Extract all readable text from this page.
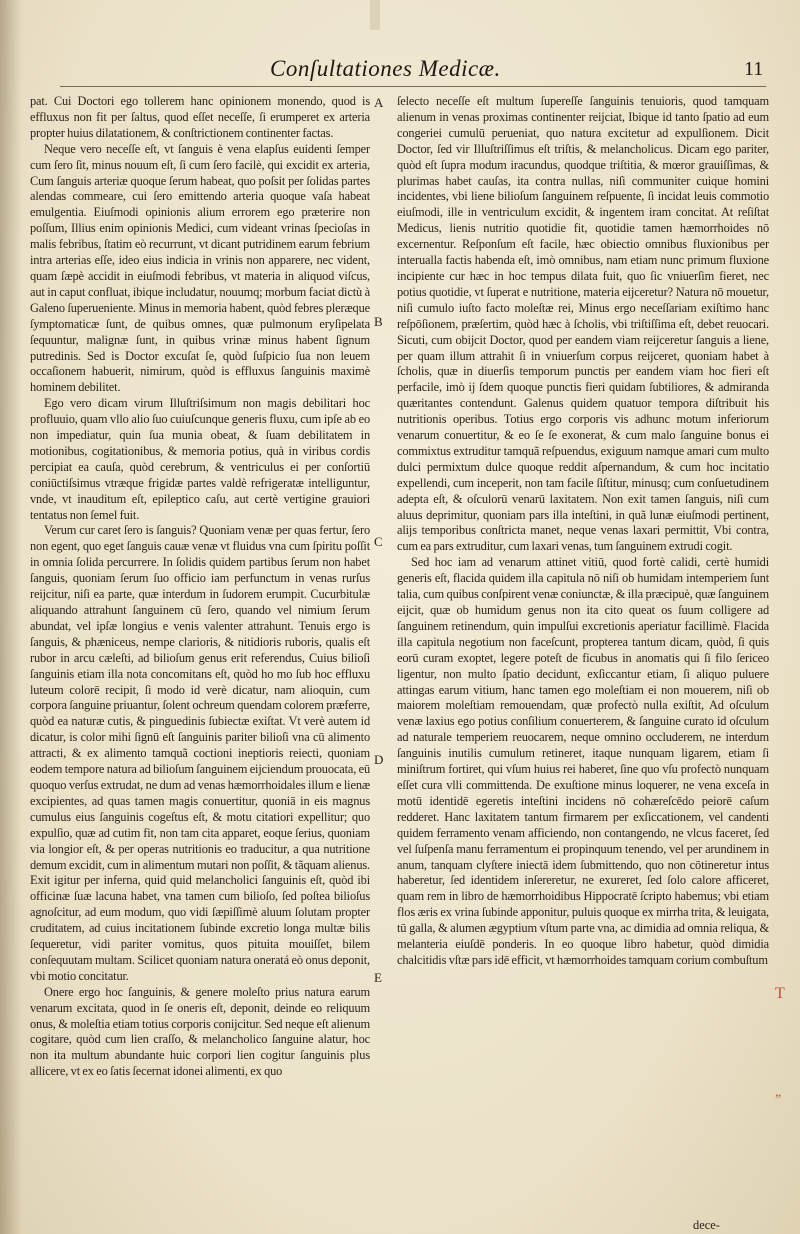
Conſultationes Medicæ.	11

pat. Cui Doctori ego tollerem hanc opinionem monendo, quod is effluxus non fit per ſaltus, quod eſſet neceſſe, ſi erumperet ex arteria propter huius dilatationem, & conſtrictionem continenter factas.

Neque vero neceſſe eſt, vt ſanguis è vena elapſus euidenti ſemper cum ſero ſit, minus nouum eſt, ſi cum ſero facilè, qui excidit ex arteria, Cum ſanguis arteriæ quoque ſerum habeat, quo poſsit per ſolidas partes alendas commeare, cui ſero emittendo arteria quoque vaſa habeat emulgentia. Eiuſmodi opinionis alium errorem ego præterire non poſſum, Illius enim opinionis Medici, cum videant vrinas ſpecioſas in malis febribus, ſtatim eò recurrunt, vt dicant putridinem earum febrium intra arterias eſſe, ideo eius indicia in vrinis non apparere, nec vident, quam ſæpè accidit in eiuſmodi febribus, vt materia in aliquod viſcus, aut in caput confluat, ibique includatur, nouumq; morbum faciat dictù à Galeno ſuperueniente. Minus in memoria habent, quòd febres pleræque ſymptomaticæ ſunt, de quibus omnes, quæ pulmonum eryſipelata ſequuntur, malignæ ſunt, in quibus vrinæ minus habent ſignum putredinis. Sed is Doctor excuſat ſe, quòd ſuſpicio ſua non leuem occaſionem habuerit, nimirum, quòd is effluxus ſanguinis maximè hominem debilitet.

Ego vero dicam virum Illuſtriſsimum non magis debilitari hoc profluuio, quam vllo alio ſuo cuiuſcunque generis fluxu, cum ipſe ab eo non impediatur, quin ſua munia obeat, & ſuam debilitatem in motionibus, cogitationibus, & memoria potius, quà in viribus cordis percipiat ea cauſa, quòd cerebrum, & ventriculus ei per conſortiū coniūctiſsimus vtræque frigidæ partes valdè refrigeratæ intelliguntur, vnde, vt inauditum eſt, epileptico caſu, aut certè vertigine grauiori tentatus non ſemel fuit.

Verum cur caret ſero is ſanguis? Quoniam venæ per quas fertur, ſero non egent, quo eget ſanguis cauæ venæ vt fluidus vna cum ſpiritu poſſit in omnia ſolida percurrere. In ſolidis quidem partibus ſerum non habet ſanguis, quoniam ſerum ſuo officio iam perfunctum in venas rurſus reijcitur, niſi ea parte, quæ interdum in ſudorem erumpit. Cucurbitulæ aliquando attrahunt ſanguinem cū ſero, quando vel nimium ſerum abundat, vel ipſæ longius e venis valenter attrahunt. Tenuis ergo is ſanguis, & phæniceus, nempe clarioris, & nitidioris ruboris, qualis eſt rubor in arcu cæleſti, ad bilioſum genus erit referendus, Cuius bilioſi ſanguinis etiam illa nota concomitans eſt, quòd ho mo ſub hoc effluxu luteum colorē recipit, ſi modo id verè dicatur, nam alioquin, cum corpora ſanguine priuantur, ſolent ochreum quendam colorem præferre, quòd ea naturæ cutis, & pinguedinis ſubiectæ exiſtat. Vt verè autem id dicatur, is color mihi ſignū eſt ſanguinis pariter bilioſi vna cū alimento attracti, & ex alimento tamquã coctioni ineptioris reiecti, quoniam eodem tempore natura ad bilioſum ſanguinem eijciendum prouocata, eū quoquo verſus extrudat, ne dum ad venas hæmorrhoidales illum e lienæ excipientes, ad quas tamen magis conuertitur, quoniā in eis magnus cumulus eius ſanguinis cogeſtus eſt, & motu citatiori expellitur; quo expulſio, quæ ad cutim fit, non tam cita apparet, eoque ſerius, quoniam via longior eſt, & per operas nutritionis eo traducitur, a qua nutritione demum excidit, cum in alimentum mutari non poſſit, & tãquam alienus. Exit igitur per inferna, quid quid melancholici ſanguinis eſt, quòd ibi officinæ ſuæ lacuna habet, vna tamen cum bilioſo, ſed poſtea bilioſus agnoſcitur, ad eum modum, quo vidi ſæpiſſimè aluum ſolutam propter cruditatem, ad cuius incitationem ſubinde excretio longa multæ bilis ſequeretur, vidi pariter vomitus, quos pituita mouiſſet, bilem conſequutam multam. Scilicet quoniam natura oneratá eò onus deponit, vbi motio concitatur.

Onere ergo hoc ſanguinis, & genere moleſto prius natura earum venarum excitata, quod in ſe oneris eſt, deponit, deinde eo reliquum onus, & moleſtia etiam totius corporis conijcitur. Sed neque eſt alienum cogitare, quòd cum lien craſſo, & melancholico ſanguine alatur, hoc non ita multum abundante huic corpori lien cogitur ſanguinis plus allicere, vt ex eo ſatis ſecernat idonei alimenti, ex quo

A
B
C
D
E

ſelecto neceſſe eſt multum ſupereſſe ſanguinis tenuioris, quod tamquam alienum in venas proximas continenter reijciat, Ibique id tanto ſpatio ad eum congeriei cumulū perueniat, quo natura excitetur ad expulſionem. Dicit Doctor, ſed vir Illuſtriſſimus eſt triſtis, & melancholicus. Dicam ego pariter, quòd eſt ſupra modum iracundus, quodque triſtitia, & mœror grauiſſimas, & plurimas habet cauſas, ita contra nullas, niſi communiter cuique homini incidentes, vbi liene bilioſum ſanguinem reſpuente, ſi incidat leuis commotio eiuſmodi, ille in ventriculum excidit, & ingentem iram concitat. At reſiſtat Medicus, lienis nutritio quotidie fit, quotidie tamen hæmorrhoides nō excernentur. Reſponſum eſt facile, hæc obiectio omnibus fluxionibus per interualla factis habenda eſt, imò omnibus, nam etiam nunc primum fluxione incipiente cur hæc in hoc tempus dilata fuit, quo ſic vniuerſim fieret, nec potius quotidie, vt ſuperat e nutritione, materia eijceretur? Natura nō mouetur, niſi cumulo iuſto facto moleſtæ rei, Minus ergo neceſſariam exiſtimo hanc reſpōſionem, præſertim, quòd hæc à ſcholis, vbi triſtiſſima eſt, debet reuocari. Sicuti, cum obijcit Doctor, quod per eandem viam reijceretur ſanguis a liene, per quam illum attrahit ſi in vniuerſum corpus reijceret, quoniam habet à ſcholis, quæ in diuerſis temporum punctis per eandem viam hoc fieri eſt perfacile, imò ij ſdem quoque punctis fieri quidam ſubtiliores, & admiranda quæritantes contendunt. Galenus quidem quatuor tempora diſtribuit his nutritionis operibus. Totius ergo corporis vis adhunc motum inferiorum venarum conuertitur, & eo ſe ſe exonerat, & cum malo ſanguine bonus ei commixtus extruditur tamquã reſpuendus, exiguum namque amari cum multo dulci permixtum dulce quoque reddit aſpernandum, & cum hoc incitatio expellendi, cum inceperit, non tam facile ſiſtitur, minusq; cum conſuetudinem adepta eſt, & oſculorū venarū laxitatem. Non exit tamen ſanguis, niſi cum aluus deprimitur, quoniam pars illa inteſtini, in quã lunæ eiuſmodi pertinent, alijs temporibus conſtricta manet, neque venas laxari permittit, Vbi contra, cum ea pars extruditur, cum laxari venas, tum ſanguinem extrudi cogit.

Sed hoc iam ad venarum attinet vitiū, quod fortè calidi, certè humidi generis eſt, flacida quidem illa capitula nō niſi ob humidam intemperiem ſunt talia, cum quibus conſpirent venæ coniunctæ, & illa præcipuè, quæ ſanguinem eijcit, quæ ob humidum genus non ita cito queat os ſuum colligere ad ſanguinem retinendum, quin impulſui excretionis aperiatur facillimè. Flacida illa capitula negotium non faceſcunt, propterea tantum dicam, quòd, ſi quis eorū curam exoptet, legere poteſt de ficubus in anomatis qui ſi filo ſericeo ligentur, non multo ſpatio decidunt, exſiccantur etiam, ſi aliquo puluere attingas earum vitium, hanc tamen ego moleſtiam ei non mouerem, niſi ob maiorem moleſtiam remouendam, quæ profectò nulla exiſtit, Ad oſculum venæ laxius ego potius conſilium conuerterem, & ſanguine curato id oſculum ad naturale temperiem reuocarem, neque omnino occluderem, ne interdum ſanguinis inutilis cumulum retineret, itaque nunquam ligarem, etiam ſi miniſtrum fortiret, qui vſum huius rei haberet, ſine quo vſu profectò nunquam eſſet cura vlli committenda. De exuſtione minus loquerer, ne vena exceſa in motū identidē egeretis inteſtini incidens nō cohæreſcēdo peiorē caſum redderet. Hanc laxitatem tantum firmarem per exſiccationem, vel candenti quidem ferramento venam afficiendo, non contangendo, ne vlcus faceret, ſed vel ſuſpenſa manu ferramentum ei propinquum tenendo, vel per arundinem in anum, tanquam clyſtere iniectā idem ſubmittendo, quo non cōtineretur intus haberetur, ſed identidem inſereretur, ne exureret, ſed ſolo calore afficeret, quam rem in libro de hæmorrhoidibus Hippocratē ſcripto habemus; vbi etiam flos æris ex vrina ſubinde apponitur, puluis quoque ex mirrha trita, & leuigata, tū galla, & alumen ægyptium vſtum parte vna, ac dimidia ad omnia reliqua, & melanteria eiuſdē ponderis. In eo quoque libro habetur, quòd dimidia chalcitidis vſtæ pars idē efficit, vt hæmorrhoides tamquam corium combuſtum

T
„
dece-
